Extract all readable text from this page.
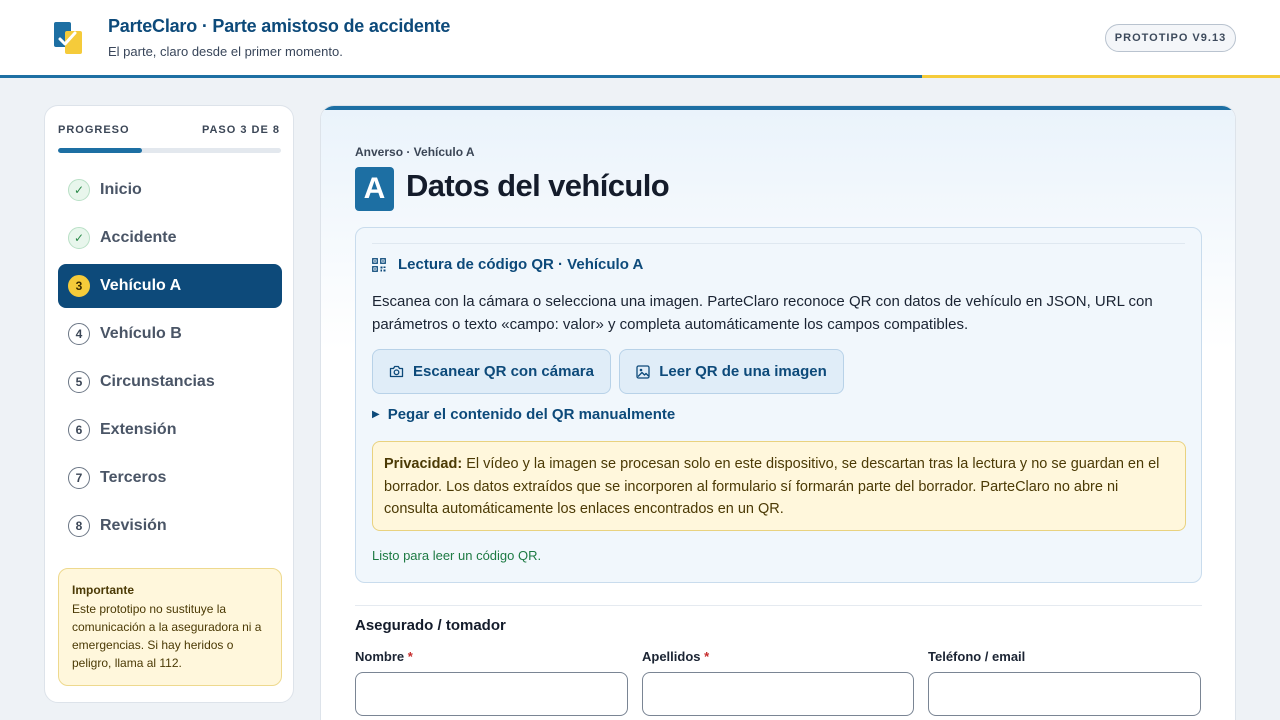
ParteClaro · Parte amistoso de accidente
El parte, claro desde el primer momento.
PROTOTIPO V9.13
PROGRESO	PASO 3 DE 8
✓ Inicio
✓ Accidente
3	Vehículo A
4	Vehículo B
5	Circunstancias
6	Extensión
7	Terceros
8	Revisión
Importante
Este prototipo no sustituye la comunicación a la aseguradora ni a emergencias. Si hay heridos o peligro, llama al 112.
Anverso · Vehículo A
A Datos del vehículo
Lectura de código QR · Vehículo A

Escanea con la cámara o selecciona una imagen. ParteClaro reconoce QR con datos de vehículo en JSON, URL con parámetros o texto «campo: valor» y completa automáticamente los campos compatibles.

Escanear QR con cámara	Leer QR de una imagen
▶ Pegar el contenido del QR manualmente
Privacidad: El vídeo y la imagen se procesan solo en este dispositivo, se descartan tras la lectura y no se guardan en el borrador. Los datos extraídos que se incorporen al formulario sí formarán parte del borrador. ParteClaro no abre ni consulta automáticamente los enlaces encontrados en un QR.
Listo para leer un código QR.
Asegurado / tomador
Nombre *	Apellidos *	Teléfono / email
